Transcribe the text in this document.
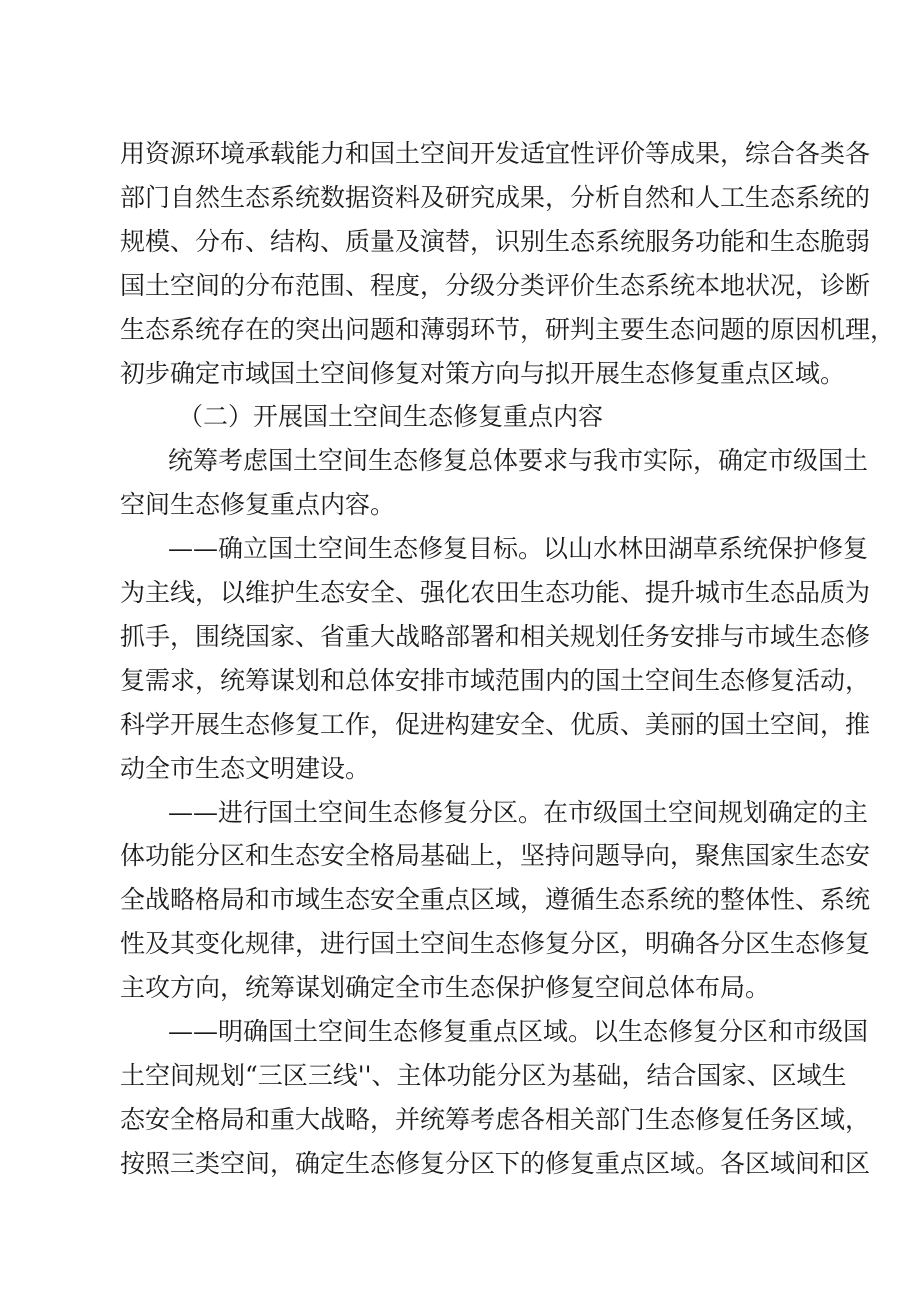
用资源环境承载能力和国土空间开发适宜性评价等成果，综合各类各
部门自然生态系统数据资料及研究成果，分析自然和人工生态系统的
规模、分布、结构、质量及演替，识别生态系统服务功能和生态脆弱
国土空间的分布范围、程度，分级分类评价生态系统本地状况，诊断
生态系统存在的突出问题和薄弱环节，研判主要生态问题的原因机理，
初步确定市域国土空间修复对策方向与拟开展生态修复重点区域。
（二）开展国土空间生态修复重点内容
统筹考虑国土空间生态修复总体要求与我市实际，确定市级国土
空间生态修复重点内容。
——确立国土空间生态修复目标。以山水林田湖草系统保护修复
为主线，以维护生态安全、强化农田生态功能、提升城市生态品质为
抓手，围绕国家、省重大战略部署和相关规划任务安排与市域生态修
复需求，统筹谋划和总体安排市域范围内的国土空间生态修复活动，
科学开展生态修复工作，促进构建安全、优质、美丽的国土空间，推
动全市生态文明建设。
——进行国土空间生态修复分区。在市级国土空间规划确定的主
体功能分区和生态安全格局基础上，坚持问题导向，聚焦国家生态安
全战略格局和市域生态安全重点区域，遵循生态系统的整体性、系统
性及其变化规律，进行国土空间生态修复分区，明确各分区生态修复
主攻方向，统筹谋划确定全市生态保护修复空间总体布局。
——明确国土空间生态修复重点区域。以生态修复分区和市级国
土空间规划“三区三线''、主体功能分区为基础，结合国家、区域生
态安全格局和重大战略，并统筹考虑各相关部门生态修复任务区域，
按照三类空间，确定生态修复分区下的修复重点区域。各区域间和区
